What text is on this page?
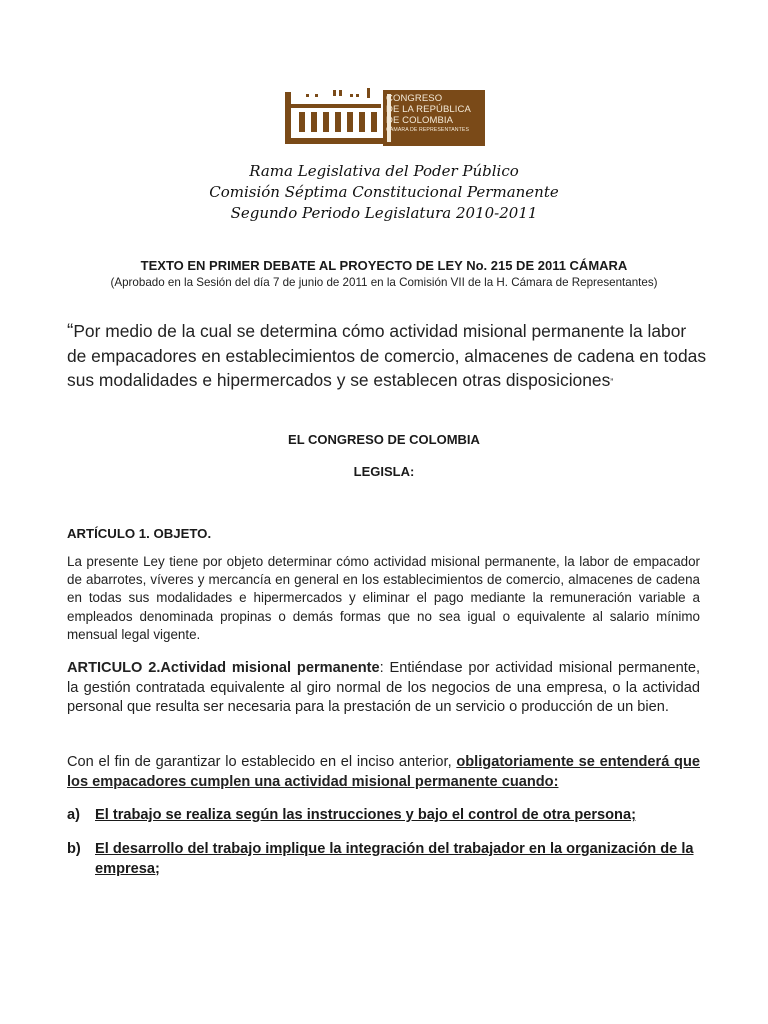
CONGRESO
DE LA REPÚBLICA
DE COLOMBIA
CÁMARA DE REPRESENTANTES
Rama Legislativa del Poder Público
Comisión Séptima Constitucional Permanente
Segundo Periodo Legislatura 2010-2011
TEXTO EN PRIMER DEBATE AL PROYECTO DE LEY No. 215 DE 2011 CÁMARA
(Aprobado en la Sesión del día 7 de junio de 2011 en la Comisión VII de la H. Cámara de Representantes)

“Por medio de la cual se determina cómo actividad misional permanente la labor de empacadores en establecimientos de comercio, almacenes de cadena en todas sus modalidades e hipermercados y se establecen otras disposiciones”

EL CONGRESO DE COLOMBIA
LEGISLA:
ARTÍCULO 1. OBJETO.

La presente Ley tiene por objeto determinar cómo actividad misional permanente, la labor de empacador de abarrotes, víveres y mercancía en general en los establecimientos de comercio, almacenes de cadena en todas sus modalidades e hipermercados y eliminar el pago mediante la remuneración variable a empleados denominada propinas o demás formas que no sea igual o equivalente al salario mínimo mensual legal vigente.

ARTICULO 2.Actividad misional permanente: Entiéndase por actividad misional permanente, la gestión contratada equivalente al giro normal de los negocios de una empresa, o la actividad personal que resulta ser necesaria para la prestación de un servicio o producción de un bien.

Con el fin de garantizar lo establecido en el inciso anterior, obligatoriamente se entenderá que los empacadores cumplen una actividad misional permanente cuando:

a) El trabajo se realiza según las instrucciones y bajo el control de otra persona;
b) El desarrollo del trabajo implique la integración del trabajador en la organización de la empresa;
